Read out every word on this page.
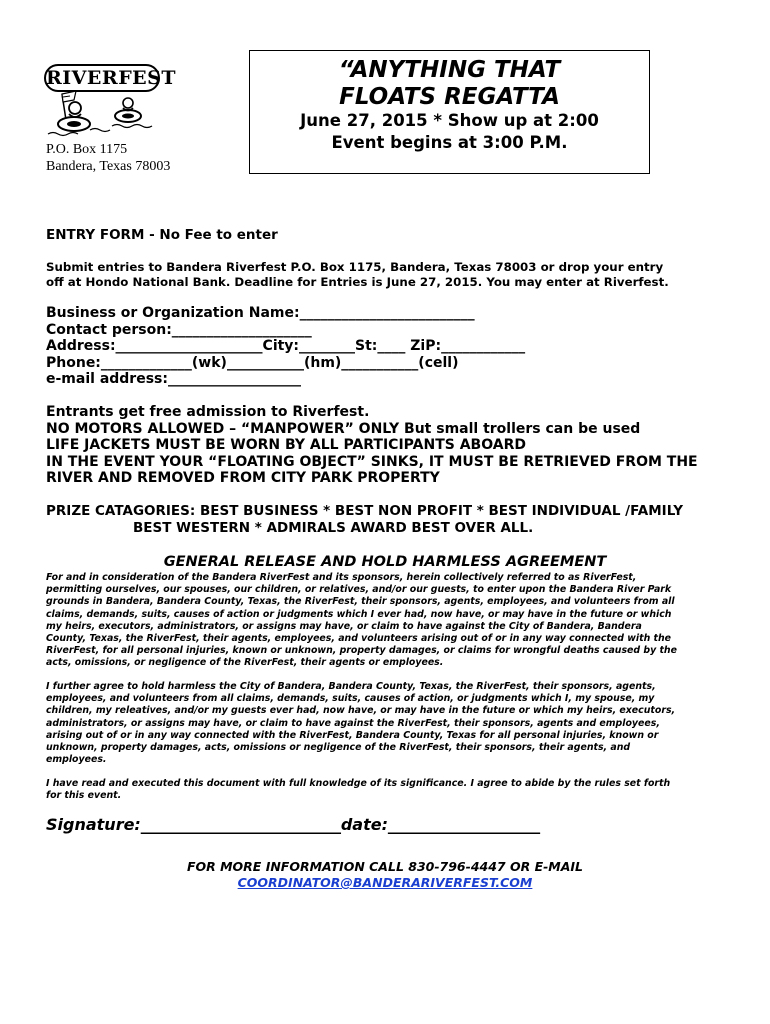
RIVERFEST
P.O. Box 1175
Bandera, Texas 78003
“ANYTHING THAT
FLOATS REGATTA
June 27, 2015 * Show up at 2:00
Event begins at 3:00 P.M.
ENTRY FORM - No Fee to enter
Submit entries to Bandera Riverfest P.O. Box 1175, Bandera, Texas 78003 or drop your entry
off at Hondo National Bank. Deadline for Entries is June 27, 2015. You may enter at Riverfest.
Business or Organization Name:_________________________
Contact person:____________________
Address:_____________________City:________St:____ ZiP:____________
Phone:_____________(wk)___________(hm)___________(cell)
e-mail address:___________________
Entrants get free admission to Riverfest.
NO MOTORS ALLOWED – “MANPOWER” ONLY But small trollers can be used
LIFE JACKETS MUST BE WORN BY ALL PARTICIPANTS ABOARD
IN THE EVENT YOUR “FLOATING OBJECT” SINKS, IT MUST BE RETRIEVED FROM THE
RIVER AND REMOVED FROM CITY PARK PROPERTY
PRIZE CATAGORIES: BEST BUSINESS * BEST NON PROFIT * BEST INDIVIDUAL /FAMILY
BEST WESTERN * ADMIRALS AWARD BEST OVER ALL.
GENERAL RELEASE AND HOLD HARMLESS AGREEMENT
For and in consideration of the Bandera RiverFest and its sponsors, herein collectively referred to as RiverFest,
permitting ourselves, our spouses, our children, or relatives, and/or our guests, to enter upon the Bandera River Park
grounds in Bandera, Bandera County, Texas, the RiverFest, their sponsors, agents, employees, and volunteers from all
claims, demands, suits, causes of action or judgments which I ever had, now have, or may have in the future or which
my heirs, executors, administrators, or assigns may have, or claim to have against the City of Bandera, Bandera
County, Texas, the RiverFest, their agents, employees, and volunteers arising out of or in any way connected with the
RiverFest, for all personal injuries, known or unknown, property damages, or claims for wrongful deaths caused by the
acts, omissions, or negligence of the RiverFest, their agents or employees.
I further agree to hold harmless the City of Bandera, Bandera County, Texas, the RiverFest, their sponsors, agents,
employees, and volunteers from all claims, demands, suits, causes of action, or judgments which I, my spouse, my
children, my releatives, and/or my guests ever had, now have, or may have in the future or which my heirs, executors,
administrators, or assigns may have, or claim to have against the RiverFest, their sponsors, agents and employees,
arising out of or in any way connected with the RiverFest, Bandera County, Texas for all personal injuries, known or
unknown, property damages, acts, omissions or negligence of the RiverFest, their sponsors, their agents, and
employees.
I have read and executed this document with full knowledge of its significance. I agree to abide by the rules set forth
for this event.
Signature:_________________________date:___________________
FOR MORE INFORMATION CALL 830-796-4447 OR E-MAIL
COORDINATOR@BANDERARIVERFEST.COM
